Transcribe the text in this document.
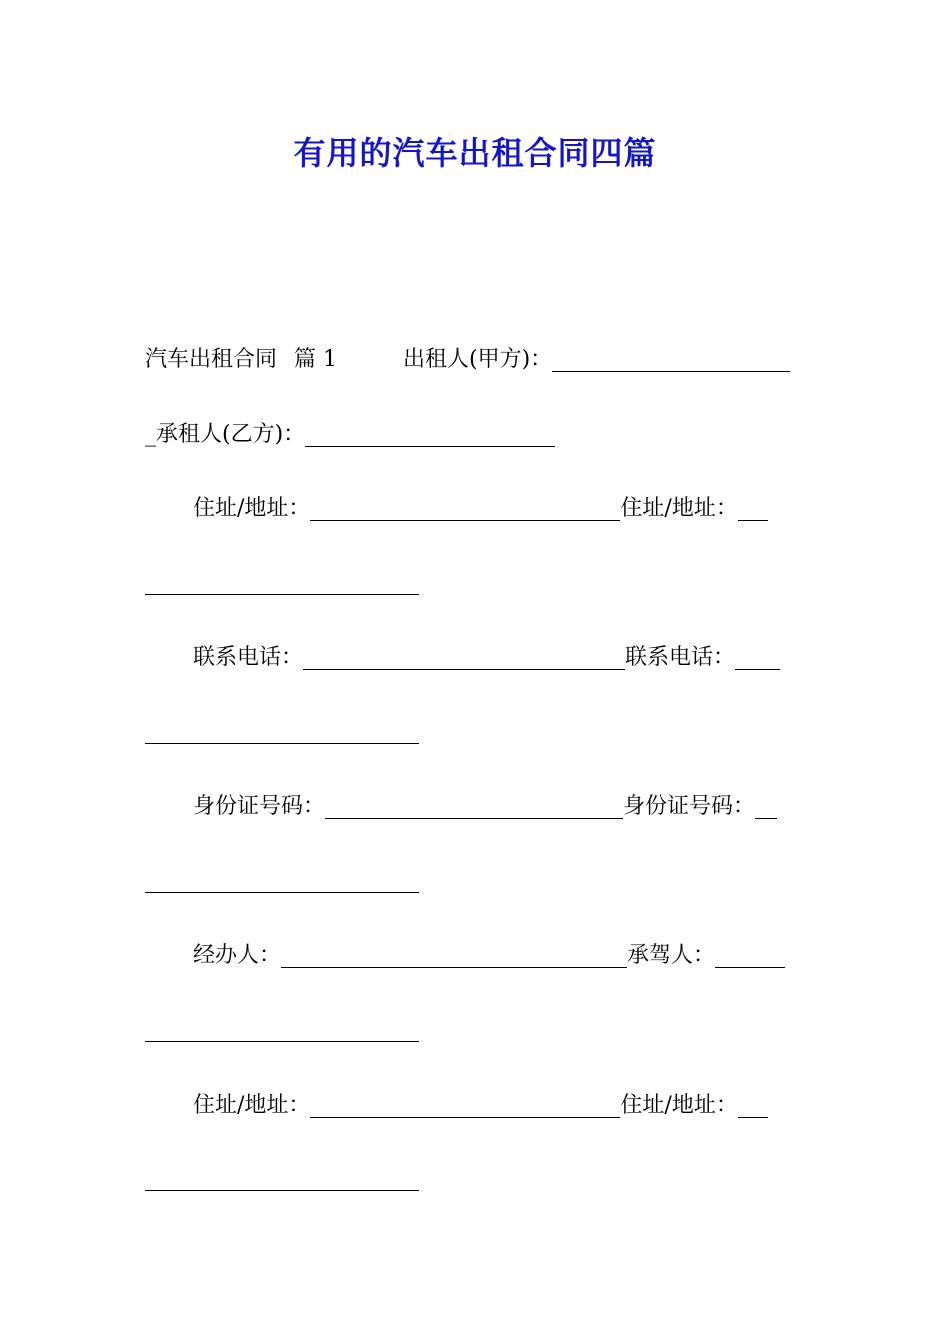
有用的汽车出租合同四篇
汽车出租合同 篇 1	出租人(甲方)：
_承租人(乙方)：
住址/地址：	住址/地址：
联系电话：	联系电话：
身份证号码：	身份证号码：
经办人：	承驾人：
住址/地址：	住址/地址：
